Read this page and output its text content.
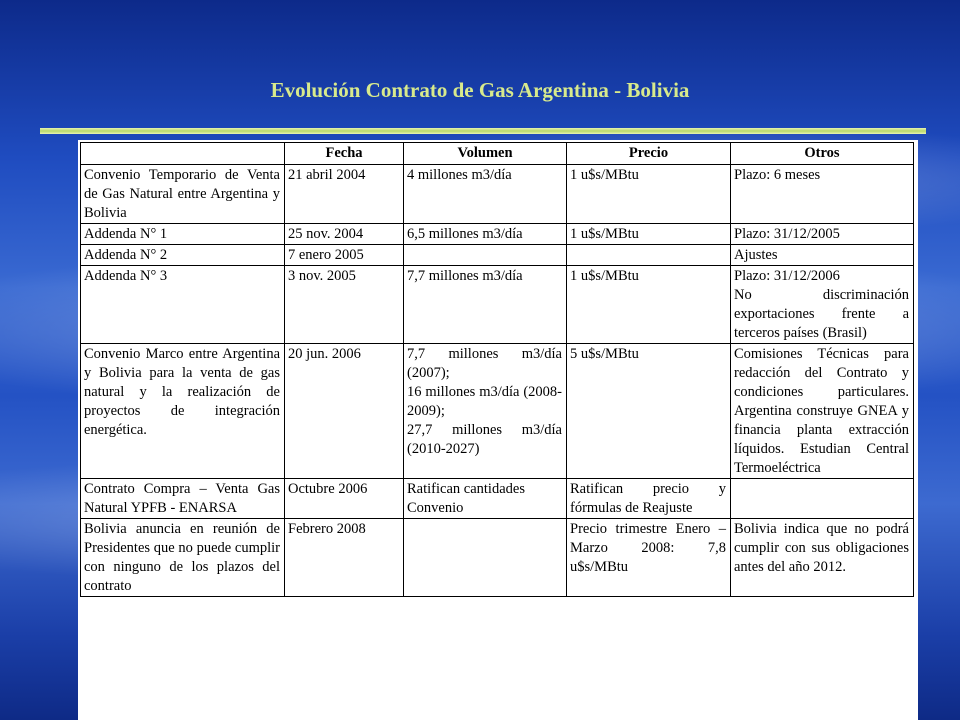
Evolución Contrato de Gas Argentina - Bolivia
	Fecha	Volumen	Precio	Otros
Convenio Temporario de Venta de Gas Natural entre Argentina y Bolivia	21 abril 2004	4 millones m3/día	1 u$s/MBtu	Plazo: 6 meses
Addenda N° 1	25 nov. 2004	6,5 millones m3/día	1 u$s/MBtu	Plazo: 31/12/2005
Addenda N° 2	7 enero 2005			Ajustes
Addenda N° 3	3 nov. 2005	7,7 millones m3/día	1 u$s/MBtu	Plazo: 31/12/2006
No discriminación exportaciones frente a terceros países (Brasil)
Convenio Marco entre Argentina y Bolivia para la venta de gas natural y la realización de proyectos de integración energética.	20 jun. 2006	7,7 millones m3/día (2007);
16 millones m3/día (2008-2009);
27,7 millones m3/día (2010-2027)	5 u$s/MBtu	Comisiones Técnicas para redacción del Contrato y condiciones particulares. Argentina construye GNEA y financia planta extracción líquidos. Estudian Central Termoeléctrica
Contrato Compra – Venta Gas Natural YPFB - ENARSA	Octubre 2006	Ratifican cantidades Convenio	Ratifican precio y fórmulas de Reajuste	
Bolivia anuncia en reunión de Presidentes que no puede cumplir con ninguno de los plazos del contrato	Febrero 2008		Precio trimestre Enero – Marzo 2008: 7,8 u$s/MBtu	Bolivia indica que no podrá cumplir con sus obligaciones antes del año 2012.
